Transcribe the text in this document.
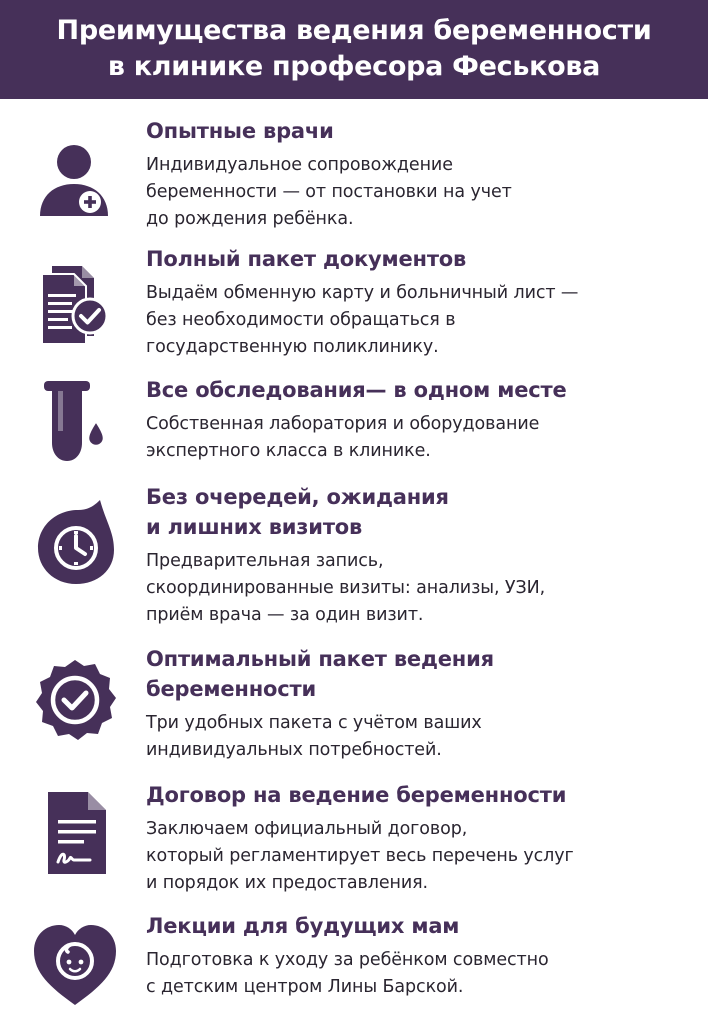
Преимущества ведения беременности
в клинике професора Феськова
Опытные врачи
Индивидуальное сопровождение
беременности — от постановки на учет
до рождения ребёнка.
Полный пакет документов
Выдаём обменную карту и больничный лист —
без необходимости обращаться в
государственную поликлинику.
Все обследования— в одном месте
Собственная лаборатория и оборудование
экспертного класса в клинике.
Без очередей, ожидания
и лишних визитов
Предварительная запись,
скоординированные визиты: анализы, УЗИ,
приём врача — за один визит.
Оптимальный пакет ведения
беременности
Три удобных пакета с учётом ваших
индивидуальных потребностей.
Договор на ведение беременности
Заключаем официальный договор,
который регламентирует весь перечень услуг
и порядок их предоставления.
Лекции для будущих мам
Подготовка к уходу за ребёнком совместно
с детским центром Лины Барской.
